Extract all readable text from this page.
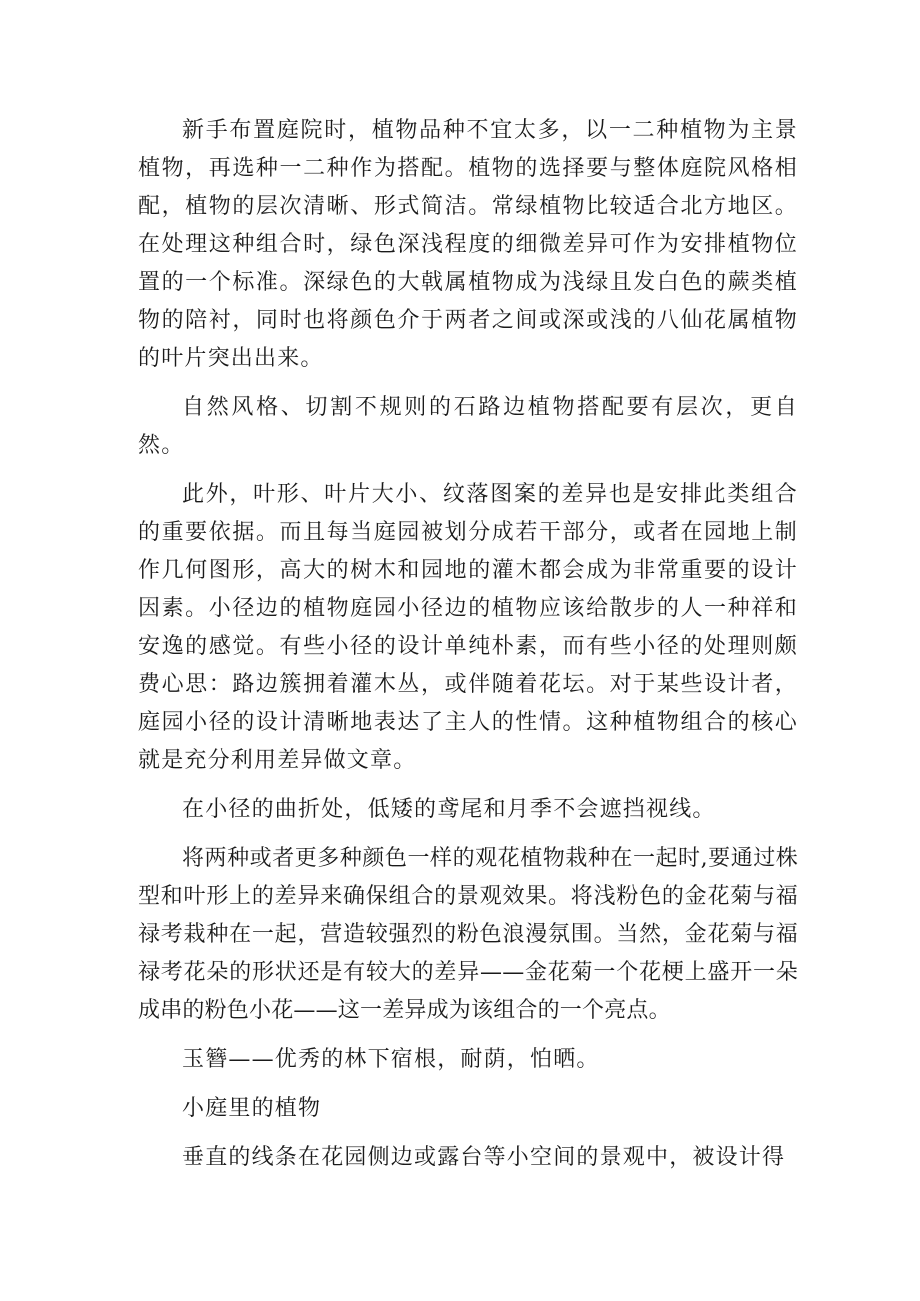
新手布置庭院时，植物品种不宜太多，以一二种植物为主景植物，再选种一二种作为搭配。植物的选择要与整体庭院风格相配，植物的层次清晰、形式简洁。常绿植物比较适合北方地区。在处理这种组合时，绿色深浅程度的细微差异可作为安排植物位置的一个标准。深绿色的大戟属植物成为浅绿且发白色的蕨类植物的陪衬，同时也将颜色介于两者之间或深或浅的八仙花属植物的叶片突出出来。

自然风格、切割不规则的石路边植物搭配要有层次，更自然。

此外，叶形、叶片大小、纹落图案的差异也是安排此类组合的重要依据。而且每当庭园被划分成若干部分，或者在园地上制作几何图形，高大的树木和园地的灌木都会成为非常重要的设计因素。小径边的植物庭园小径边的植物应该给散步的人一种祥和安逸的感觉。有些小径的设计单纯朴素，而有些小径的处理则颇费心思：路边簇拥着灌木丛，或伴随着花坛。对于某些设计者，庭园小径的设计清晰地表达了主人的性情。这种植物组合的核心就是充分利用差异做文章。

在小径的曲折处，低矮的鸢尾和月季不会遮挡视线。

将两种或者更多种颜色一样的观花植物栽种在一起时,要通过株型和叶形上的差异来确保组合的景观效果。将浅粉色的金花菊与福禄考栽种在一起，营造较强烈的粉色浪漫氛围。当然，金花菊与福禄考花朵的形状还是有较大的差异——金花菊一个花梗上盛开一朵成串的粉色小花——这一差异成为该组合的一个亮点。

玉簪——优秀的林下宿根，耐荫，怕晒。

小庭里的植物

垂直的线条在花园侧边或露台等小空间的景观中，被设计得
